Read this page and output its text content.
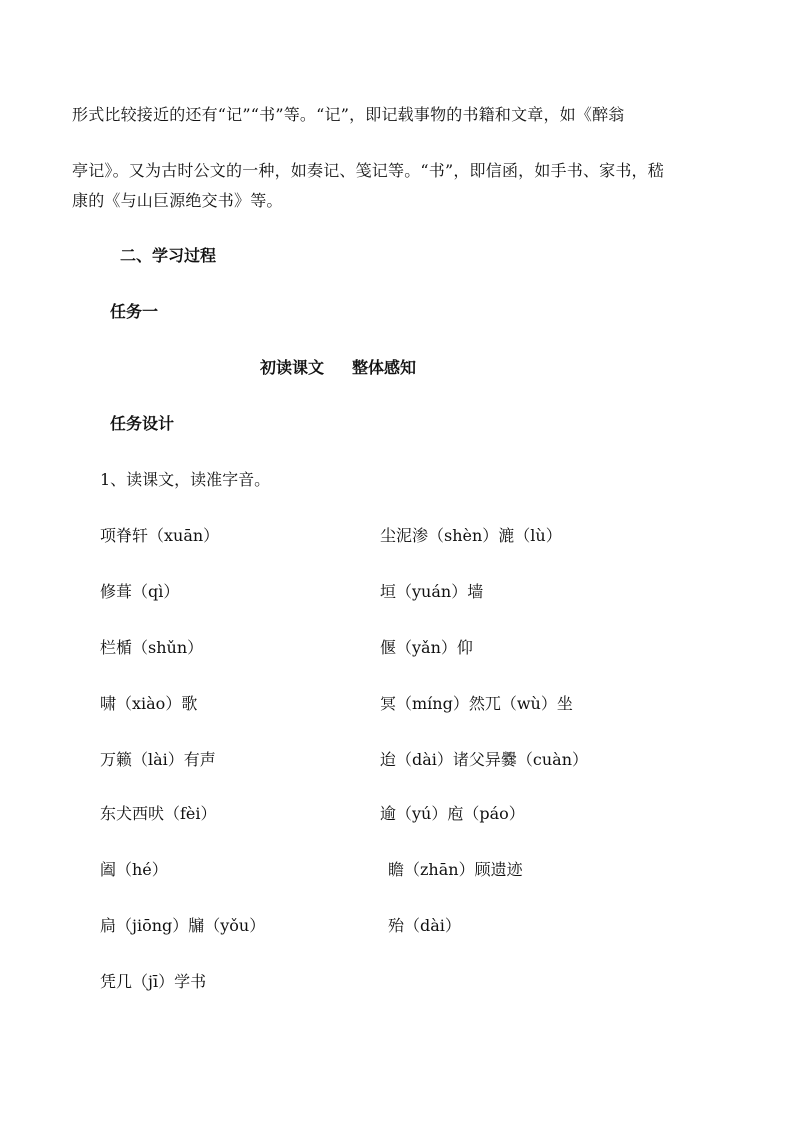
形式比较接近的还有“记”“书”等。“记”，即记载事物的书籍和文章，如《醉翁
亭记》。又为古时公文的一种，如奏记、笺记等。“书”，即信函，如手书、家书，嵇
康的《与山巨源绝交书》等。
二、学习过程
任务一
初读课文 整体感知
任务设计
1、读课文，读准字音。
项脊轩（xuān）
修葺（qì）
栏楯（shǔn）
啸（xiào）歌
万籁（lài）有声
东犬西吠（fèi）
阖（hé）
扃（jiōng）牖（yǒu）
凭几（jī）学书
尘泥渗（shèn）漉（lù）
垣（yuán）墙
偃（yǎn）仰
冥（míng）然兀（wù）坐
迨（dài）诸父异爨（cuàn）
逾（yú）庖（páo）
瞻（zhān）顾遗迹
殆（dài）
